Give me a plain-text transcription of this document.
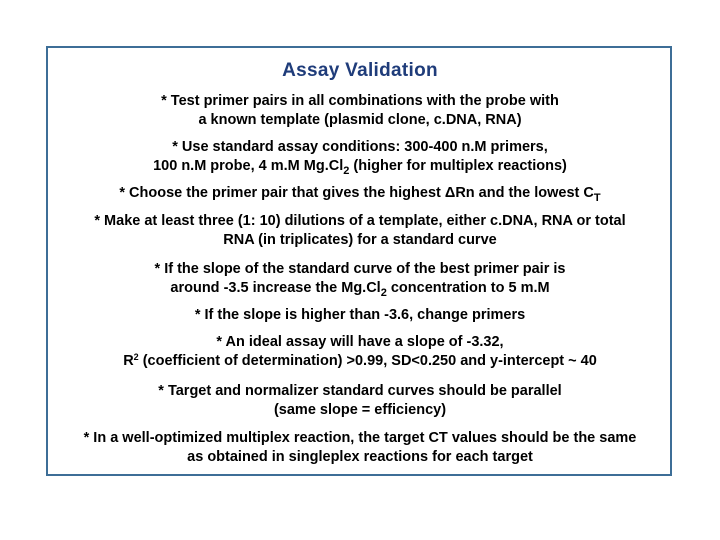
Assay Validation
* Test primer pairs in all combinations with the probe with
a known template (plasmid clone, c.DNA, RNA)
* Use standard assay conditions: 300-400 n.M primers,
100 n.M probe, 4 m.M $Mg.Cl_2$ (higher for multiplex reactions)
* Choose the primer pair that gives the highest ΔRn and the lowest $C_T$
* Make at least three (1: 10) dilutions of a template, either c.DNA, RNA or total
RNA (in triplicates) for a standard curve
* If the slope of the standard curve of the best primer pair is
around -3.5 increase the $Mg.Cl_2$ concentration to 5 m.M
* If the slope is higher than -3.6, change primers
* An ideal assay will have a slope of -3.32,
$R^2$ (coefficient of determination) >0.99, SD<0.250 and y-intercept ~ 40
* Target and normalizer standard curves should be parallel
(same slope = efficiency)
* In a well-optimized multiplex reaction, the target CT values should be the same
as obtained in singleplex reactions for each target
